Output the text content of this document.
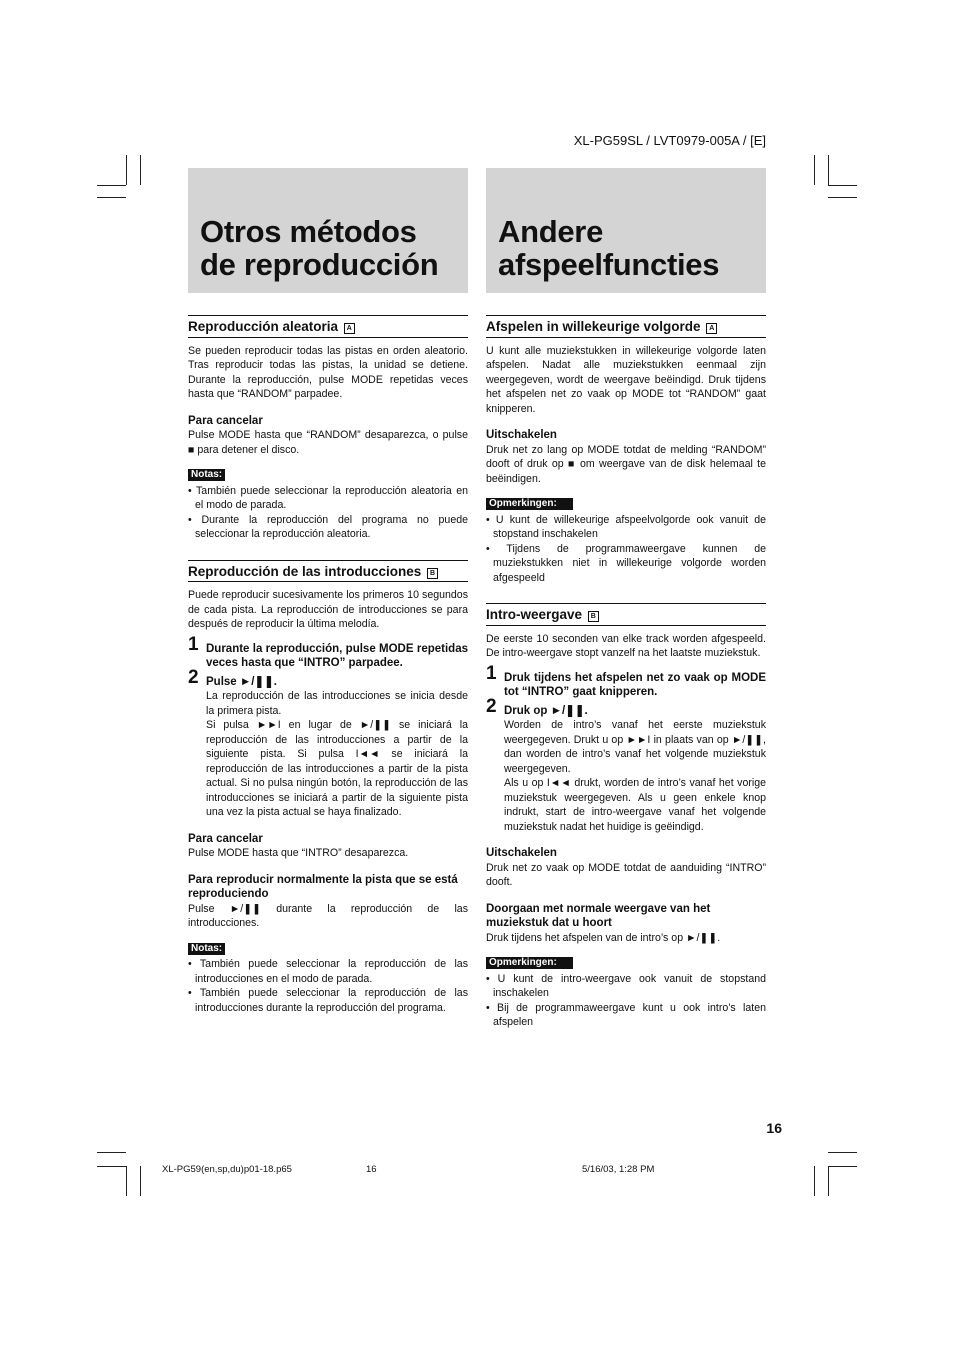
XL-PG59SL / LVT0979-005A / [E]
Otros métodos
de reproducción
Andere
afspeelfuncties
Reproducción aleatoria A

Se pueden reproducir todas las pistas en orden aleatorio. Tras reproducir todas las pistas, la unidad se detiene. Durante la reproducción, pulse MODE repetidas veces hasta que “RANDOM” parpadee.

Para cancelar

Pulse MODE hasta que “RANDOM” desaparezca, o pulse ■ para detener el disco.

Notas:
• También puede seleccionar la reproducción aleatoria en el modo de parada.
• Durante la reproducción del programa no puede seleccionar la reproducción aleatoria.
Reproducción de las introducciones B

Puede reproducir sucesivamente los primeros 10 segundos de cada pista. La reproducción de introducciones se para después de reproducir la última melodía.

1 Durante la reproducción, pulse MODE repetidas veces hasta que “INTRO” parpadee.
2 Pulse ►/❚❚.

La reproducción de las introducciones se inicia desde la primera pista.

Si pulsa ►►I en lugar de ►/❚❚ se iniciará la reproducción de las introducciones a partir de la siguiente pista. Si pulsa I◄◄ se iniciará la reproducción de las introducciones a partir de la pista actual. Si no pulsa ningún botón, la reproducción de las introducciones se iniciará a partir de la siguiente pista una vez la pista actual se haya finalizado.

Para cancelar

Pulse MODE hasta que “INTRO” desaparezca.

Para reproducir normalmente la pista que se está reproduciendo

Pulse ►/❚❚ durante la reproducción de las introducciones.

Notas:
• También puede seleccionar la reproducción de las introducciones en el modo de parada.
• También puede seleccionar la reproducción de las introducciones durante la reproducción del programa.
Afspelen in willekeurige volgorde A

U kunt alle muziekstukken in willekeurige volgorde laten afspelen. Nadat alle muziekstukken eenmaal zijn weergegeven, wordt de weergave beëindigd. Druk tijdens het afspelen net zo vaak op MODE tot “RANDOM” gaat knipperen.

Uitschakelen

Druk net zo lang op MODE totdat de melding “RANDOM” dooft of druk op ■ om weergave van de disk helemaal te beëindigen.

Opmerkingen:
• U kunt de willekeurige afspeelvolgorde ook vanuit de stopstand inschakelen
• Tijdens de programmaweergave kunnen de muziekstukken niet in willekeurige volgorde worden afgespeeld
Intro-weergave B

De eerste 10 seconden van elke track worden afgespeeld. De intro-weergave stopt vanzelf na het laatste muziekstuk.

1 Druk tijdens het afspelen net zo vaak op MODE tot “INTRO” gaat knipperen.
2 Druk op ►/❚❚.

Worden de intro’s vanaf het eerste muziekstuk weergegeven. Drukt u op ►►I in plaats van op ►/❚❚, dan worden de intro’s vanaf het volgende muziekstuk weergegeven.

Als u op I◄◄ drukt, worden de intro’s vanaf het vorige muziekstuk weergegeven. Als u geen enkele knop indrukt, start de intro-weergave vanaf het volgende muziekstuk nadat het huidige is geëindigd.

Uitschakelen

Druk net zo vaak op MODE totdat de aanduiding “INTRO” dooft.

Doorgaan met normale weergave van het muziekstuk dat u hoort

Druk tijdens het afspelen van de intro’s op ►/❚❚.

Opmerkingen:
• U kunt de intro-weergave ook vanuit de stopstand inschakelen
• Bij de programmaweergave kunt u ook intro’s laten afspelen
16
XL-PG59(en,sp,du)p01-18.p65	16	5/16/03, 1:28 PM
